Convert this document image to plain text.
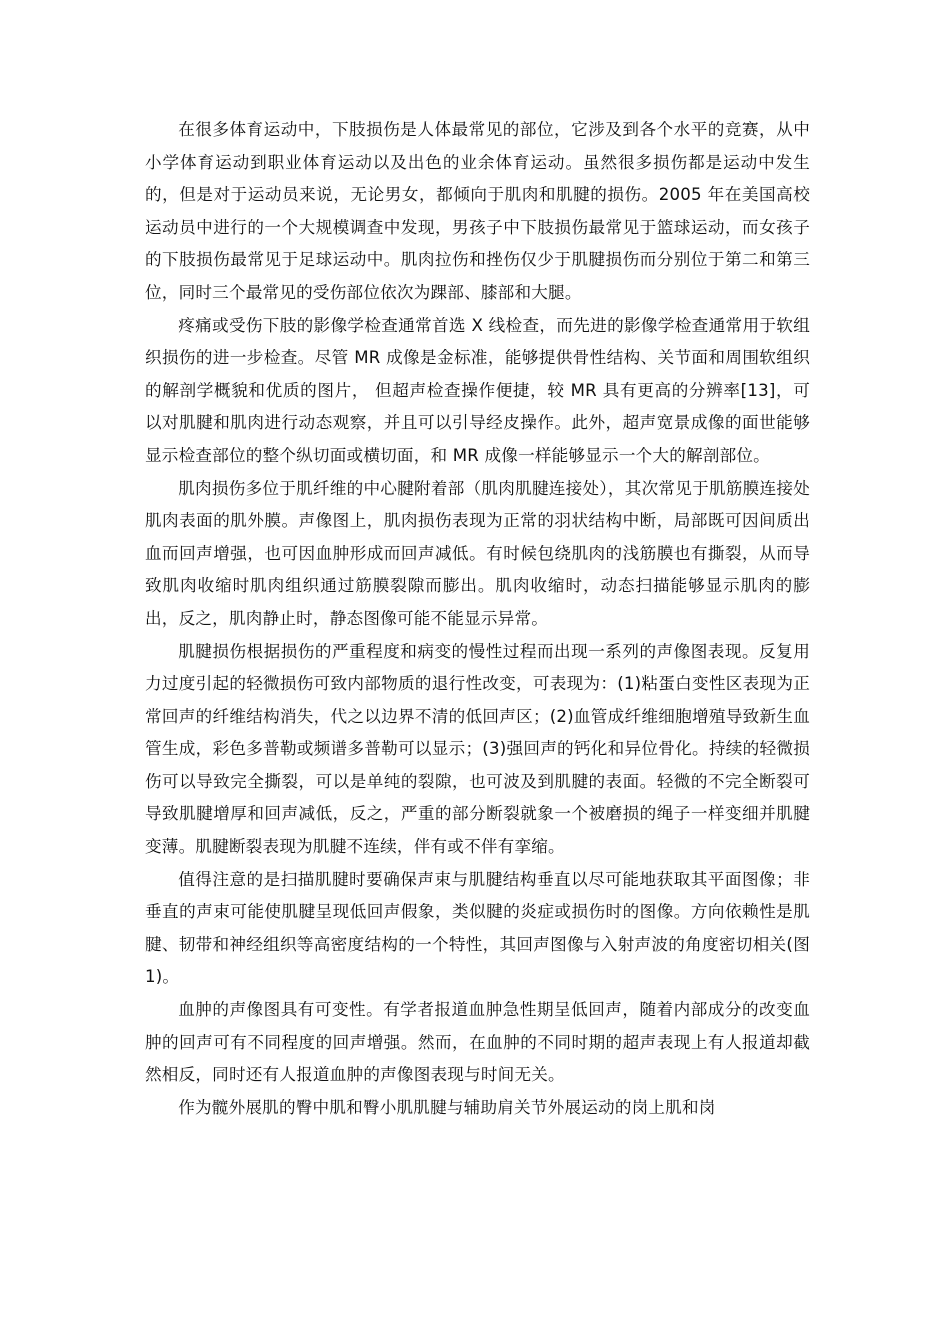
在很多体育运动中，下肢损伤是人体最常见的部位，它涉及到各个水平的竞赛，从中小学体育运动到职业体育运动以及出色的业余体育运动。虽然很多损伤都是运动中发生的，但是对于运动员来说，无论男女，都倾向于肌肉和肌腱的损伤。2005 年在美国高校运动员中进行的一个大规模调查中发现，男孩子中下肢损伤最常见于篮球运动，而女孩子的下肢损伤最常见于足球运动中。肌肉拉伤和挫伤仅少于肌腱损伤而分别位于第二和第三位，同时三个最常见的受伤部位依次为踝部、膝部和大腿。

疼痛或受伤下肢的影像学检查通常首选 X 线检查，而先进的影像学检查通常用于软组织损伤的进一步检查。尽管 MR 成像是金标准，能够提供骨性结构、关节面和周围软组织的解剖学概貌和优质的图片， 但超声检查操作便捷，较 MR 具有更高的分辨率[13]，可以对肌腱和肌肉进行动态观察，并且可以引导经皮操作。此外，超声宽景成像的面世能够显示检查部位的整个纵切面或横切面，和 MR 成像一样能够显示一个大的解剖部位。

肌肉损伤多位于肌纤维的中心腱附着部（肌肉肌腱连接处），其次常见于肌筋膜连接处肌肉表面的肌外膜。声像图上，肌肉损伤表现为正常的羽状结构中断，局部既可因间质出血而回声增强，也可因血肿形成而回声减低。有时候包绕肌肉的浅筋膜也有撕裂，从而导致肌肉收缩时肌肉组织通过筋膜裂隙而膨出。肌肉收缩时，动态扫描能够显示肌肉的膨出，反之，肌肉静止时，静态图像可能不能显示异常。

肌腱损伤根据损伤的严重程度和病变的慢性过程而出现一系列的声像图表现。反复用力过度引起的轻微损伤可致内部物质的退行性改变，可表现为：(1)粘蛋白变性区表现为正常回声的纤维结构消失，代之以边界不清的低回声区；(2)血管成纤维细胞增殖导致新生血管生成，彩色多普勒或频谱多普勒可以显示；(3)强回声的钙化和异位骨化。持续的轻微损伤可以导致完全撕裂，可以是单纯的裂隙，也可波及到肌腱的表面。轻微的不完全断裂可导致肌腱增厚和回声减低，反之，严重的部分断裂就象一个被磨损的绳子一样变细并肌腱变薄。肌腱断裂表现为肌腱不连续，伴有或不伴有挛缩。

值得注意的是扫描肌腱时要确保声束与肌腱结构垂直以尽可能地获取其平面图像；非垂直的声束可能使肌腱呈现低回声假象，类似腱的炎症或损伤时的图像。方向依赖性是肌腱、韧带和神经组织等高密度结构的一个特性，其回声图像与入射声波的角度密切相关(图 1)。

血肿的声像图具有可变性。有学者报道血肿急性期呈低回声，随着内部成分的改变血肿的回声可有不同程度的回声增强。然而，在血肿的不同时期的超声表现上有人报道却截然相反，同时还有人报道血肿的声像图表现与时间无关。

作为髋外展肌的臀中肌和臀小肌肌腱与辅助肩关节外展运动的岗上肌和岗
